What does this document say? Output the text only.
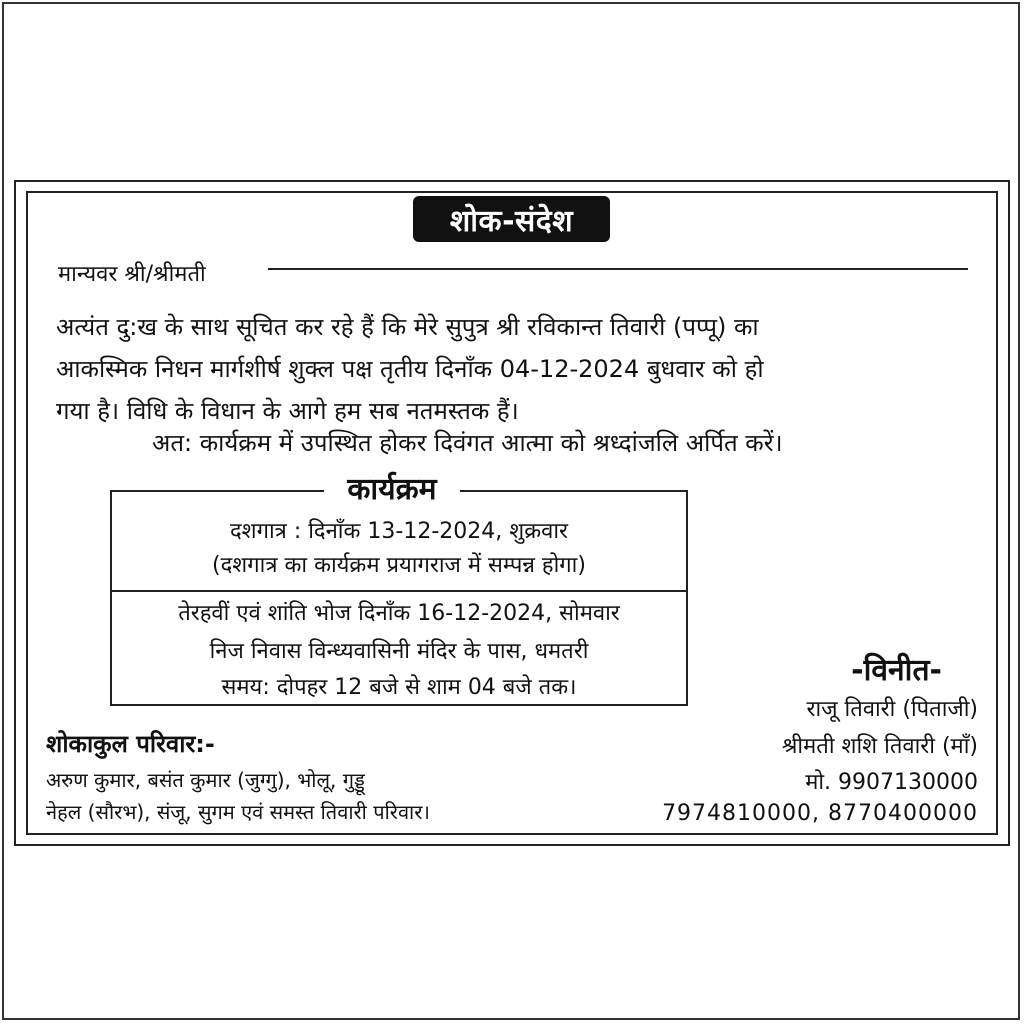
शोक-संदेश
मान्यवर श्री/श्रीमती
अत्यंत दु:ख के साथ सूचित कर रहे हैं कि मेरे सुपुत्र श्री रविकान्त तिवारी (पप्पू) का
आकस्मिक निधन मार्गशीर्ष शुक्ल पक्ष तृतीय दिनाँक 04-12-2024 बुधवार को हो
गया है। विधि के विधान के आगे हम सब नतमस्तक हैं।
अत: कार्यक्रम में उपस्थित होकर दिवंगत आत्मा को श्रध्दांजलि अर्पित करें।
कार्यक्रम
दशगात्र : दिनाँक 13-12-2024, शुक्रवार
(दशगात्र का कार्यक्रम प्रयागराज में सम्पन्न होगा)
तेरहवीं एवं शांति भोज दिनाँक 16-12-2024, सोमवार
निज निवास विन्ध्यवासिनी मंदिर के पास, धमतरी
समय: दोपहर 12 बजे से शाम 04 बजे तक।
शोकाकुल परिवार:-
अरुण कुमार, बसंत कुमार (जुग्गु), भोलू, गुड्डू
नेहल (सौरभ), संजू, सुगम एवं समस्त तिवारी परिवार।
-विनीत-
राजू तिवारी (पिताजी)
श्रीमती शशि तिवारी (माँ)
मो. 9907130000
7974810000, 8770400000
